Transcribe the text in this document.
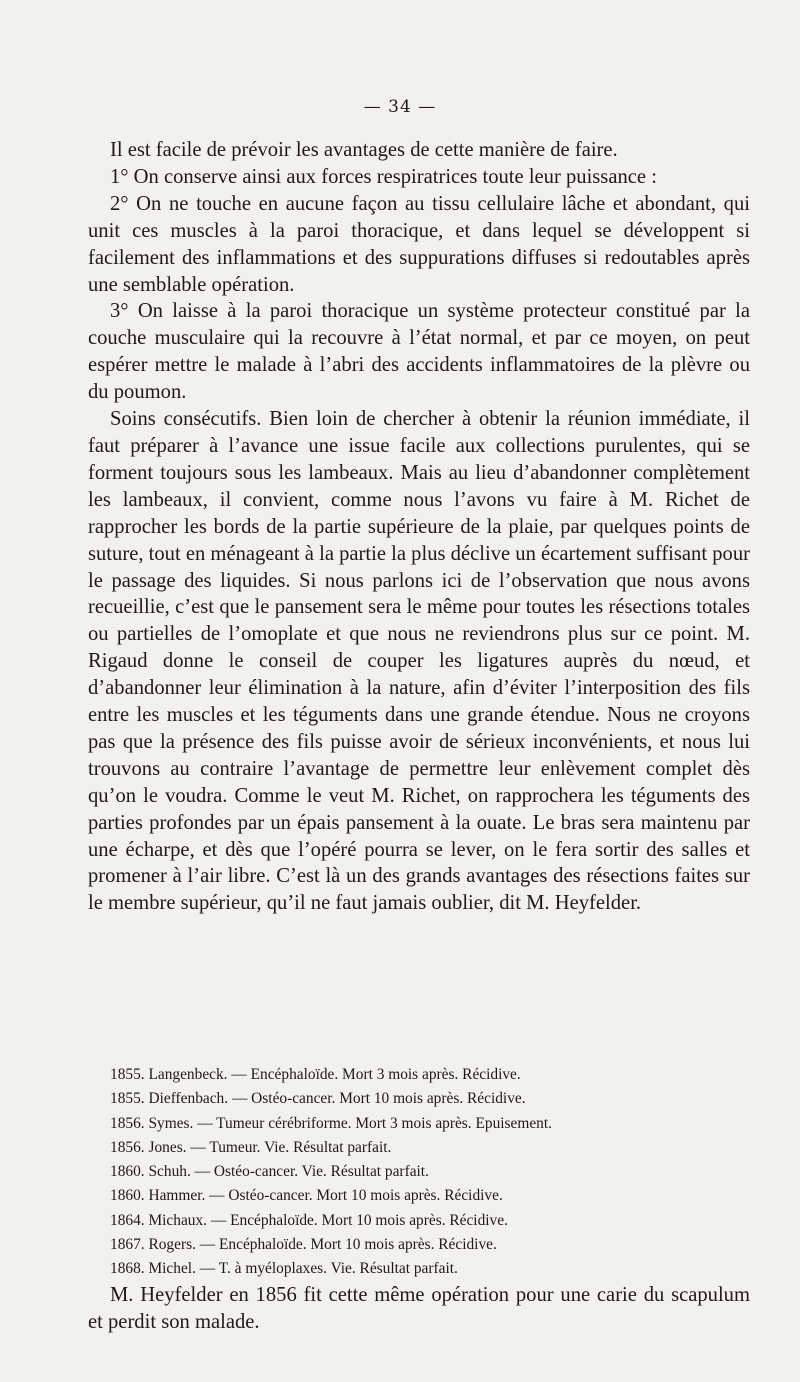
— 34 —

Il est facile de prévoir les avantages de cette manière de faire.

1° On conserve ainsi aux forces respiratrices toute leur puissance :

2° On ne touche en aucune façon au tissu cellulaire lâche et abondant, qui unit ces muscles à la paroi thoracique, et dans lequel se développent si facilement des inflammations et des suppurations diffuses si redoutables après une semblable opération.

3° On laisse à la paroi thoracique un système protecteur constitué par la couche musculaire qui la recouvre à l’état normal, et par ce moyen, on peut espérer mettre le malade à l’abri des accidents inflammatoires de la plèvre ou du poumon.

Soins consécutifs. Bien loin de chercher à obtenir la réunion immédiate, il faut préparer à l’avance une issue facile aux collections purulentes, qui se forment toujours sous les lambeaux. Mais au lieu d’abandonner complètement les lambeaux, il convient, comme nous l’avons vu faire à M. Richet de rapprocher les bords de la partie supérieure de la plaie, par quelques points de suture, tout en ménageant à la partie la plus déclive un écartement suffisant pour le passage des liquides. Si nous parlons ici de l’observation que nous avons recueillie, c’est que le pansement sera le même pour toutes les résections totales ou partielles de l’omoplate et que nous ne reviendrons plus sur ce point. M. Rigaud donne le conseil de couper les ligatures auprès du nœud, et d’abandonner leur élimination à la nature, afin d’éviter l’interposition des fils entre les muscles et les téguments dans une grande étendue. Nous ne croyons pas que la présence des fils puisse avoir de sérieux inconvénients, et nous lui trouvons au contraire l’avantage de permettre leur enlèvement complet dès qu’on le voudra. Comme le veut M. Richet, on rapprochera les téguments des parties profondes par un épais pansement à la ouate. Le bras sera maintenu par une écharpe, et dès que l’opéré pourra se lever, on le fera sortir des salles et promener à l’air libre. C’est là un des grands avantages des résections faites sur le membre supérieur, qu’il ne faut jamais oublier, dit M. Heyfelder.

1855. Langenbeck. — Encéphaloïde. Mort 3 mois après. Récidive.
1855. Dieffenbach. — Ostéo-cancer. Mort 10 mois après. Récidive.
1856. Symes. — Tumeur cérébriforme. Mort 3 mois après. Epuisement.
1856. Jones. — Tumeur. Vie. Résultat parfait.
1860. Schuh. — Ostéo-cancer. Vie. Résultat parfait.
1860. Hammer. — Ostéo-cancer. Mort 10 mois après. Récidive.
1864. Michaux. — Encéphaloïde. Mort 10 mois après. Récidive.
1867. Rogers. — Encéphaloïde. Mort 10 mois après. Récidive.
1868. Michel. — T. à myéloplaxes. Vie. Résultat parfait.

M. Heyfelder en 1856 fit cette même opération pour une carie du scapulum et perdit son malade.
